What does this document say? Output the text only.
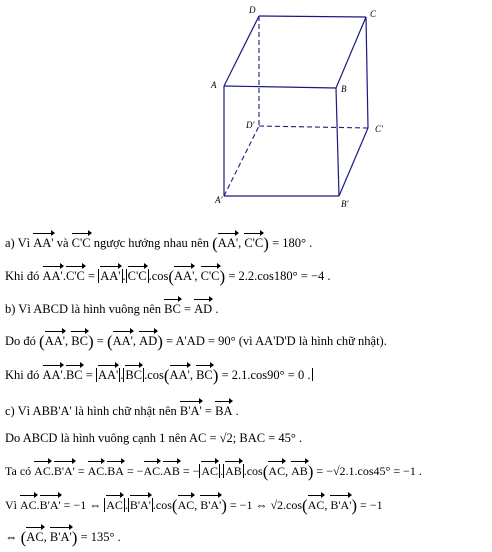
D	C
A	B
D'	C'
A'	B'
a) Vì AA' và C'C ngược hướng nhau nên (AA', C'C) = 180° .
Khi đó AA'.C'C = AA' . C'C .cos(AA', C'C) = 2.2.cos180° = −4 .
b) Vì ABCD là hình vuông nên BC = AD .
Do đó (AA', BC) = (AA', AD) = A'AD = 90° (vì AA'D'D là hình chữ nhật).
Khi đó AA'.BC = AA' . BC .cos(AA', BC) = 2.1.cos90° = 0 .
c) Vì ABB'A' là hình chữ nhật nên B'A' = BA .
Do ABCD là hình vuông cạnh 1 nên AC = √2; BAC = 45° .
Ta có AC.B'A' = AC.BA = −AC.AB = − AC . AB .cos(AC, AB) = −√2.1.cos45° = −1 .
Vì AC.B'A' = −1 ⇔ AC . B'A' .cos(AC, B'A') = −1 ⇔ √2.cos(AC, B'A') = −1
⇔ (AC, B'A') = 135° .
